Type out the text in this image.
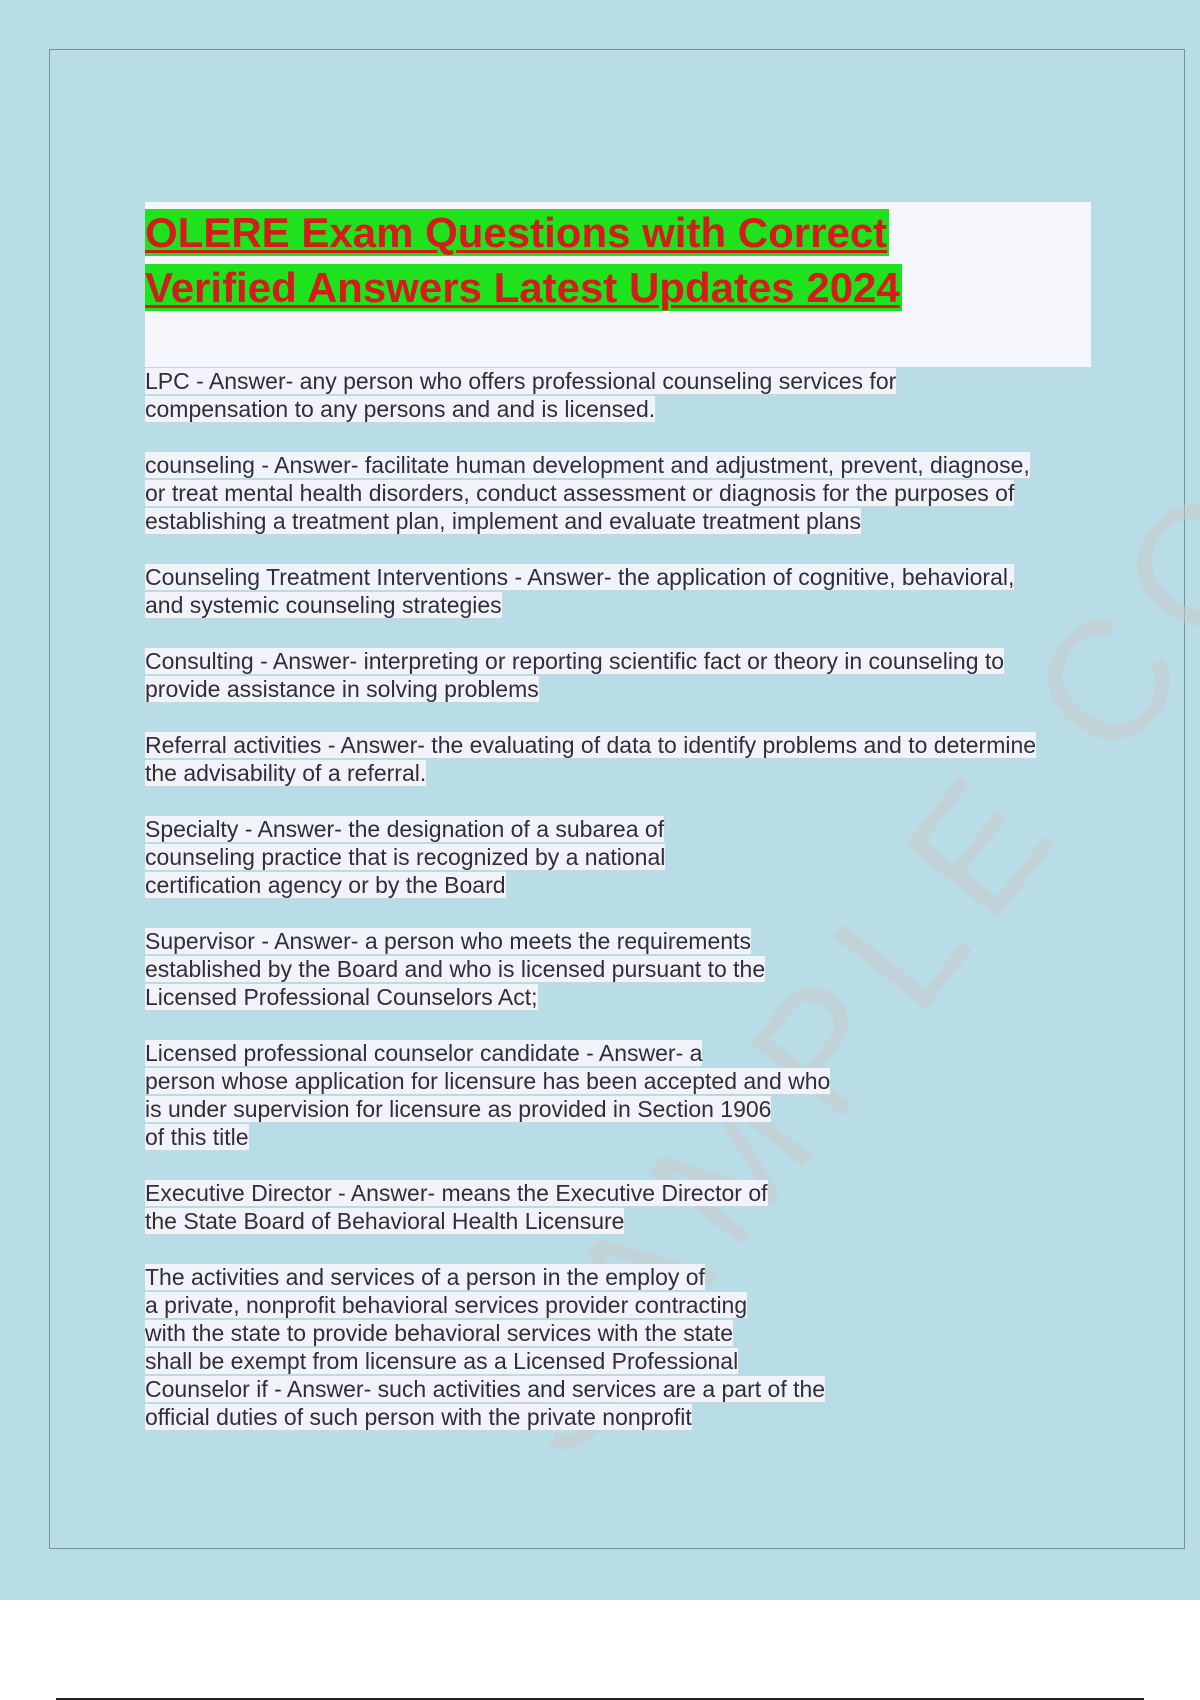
OLERE Exam Questions with Correct
Verified Answers Latest Updates 2024

LPC - Answer- any person who offers professional counseling services for
compensation to any persons and and is licensed.

counseling - Answer- facilitate human development and adjustment, prevent, diagnose,
or treat mental health disorders, conduct assessment or diagnosis for the purposes of
establishing a treatment plan, implement and evaluate treatment plans

Counseling Treatment Interventions - Answer- the application of cognitive, behavioral,
and systemic counseling strategies

Consulting - Answer- interpreting or reporting scientific fact or theory in counseling to
provide assistance in solving problems

Referral activities - Answer- the evaluating of data to identify problems and to determine
the advisability of a referral.

Specialty - Answer- the designation of a subarea of
counseling practice that is recognized by a national
certification agency or by the Board

Supervisor - Answer- a person who meets the requirements
established by the Board and who is licensed pursuant to the
Licensed Professional Counselors Act;

Licensed professional counselor candidate - Answer- a
person whose application for licensure has been accepted and who
is under supervision for licensure as provided in Section 1906
of this title

Executive Director - Answer- means the Executive Director of
the State Board of Behavioral Health Licensure

The activities and services of a person in the employ of
a private, nonprofit behavioral services provider contracting
with the state to provide behavioral services with the state
shall be exempt from licensure as a Licensed Professional
Counselor if - Answer- such activities and services are a part of the
official duties of such person with the private nonprofit
